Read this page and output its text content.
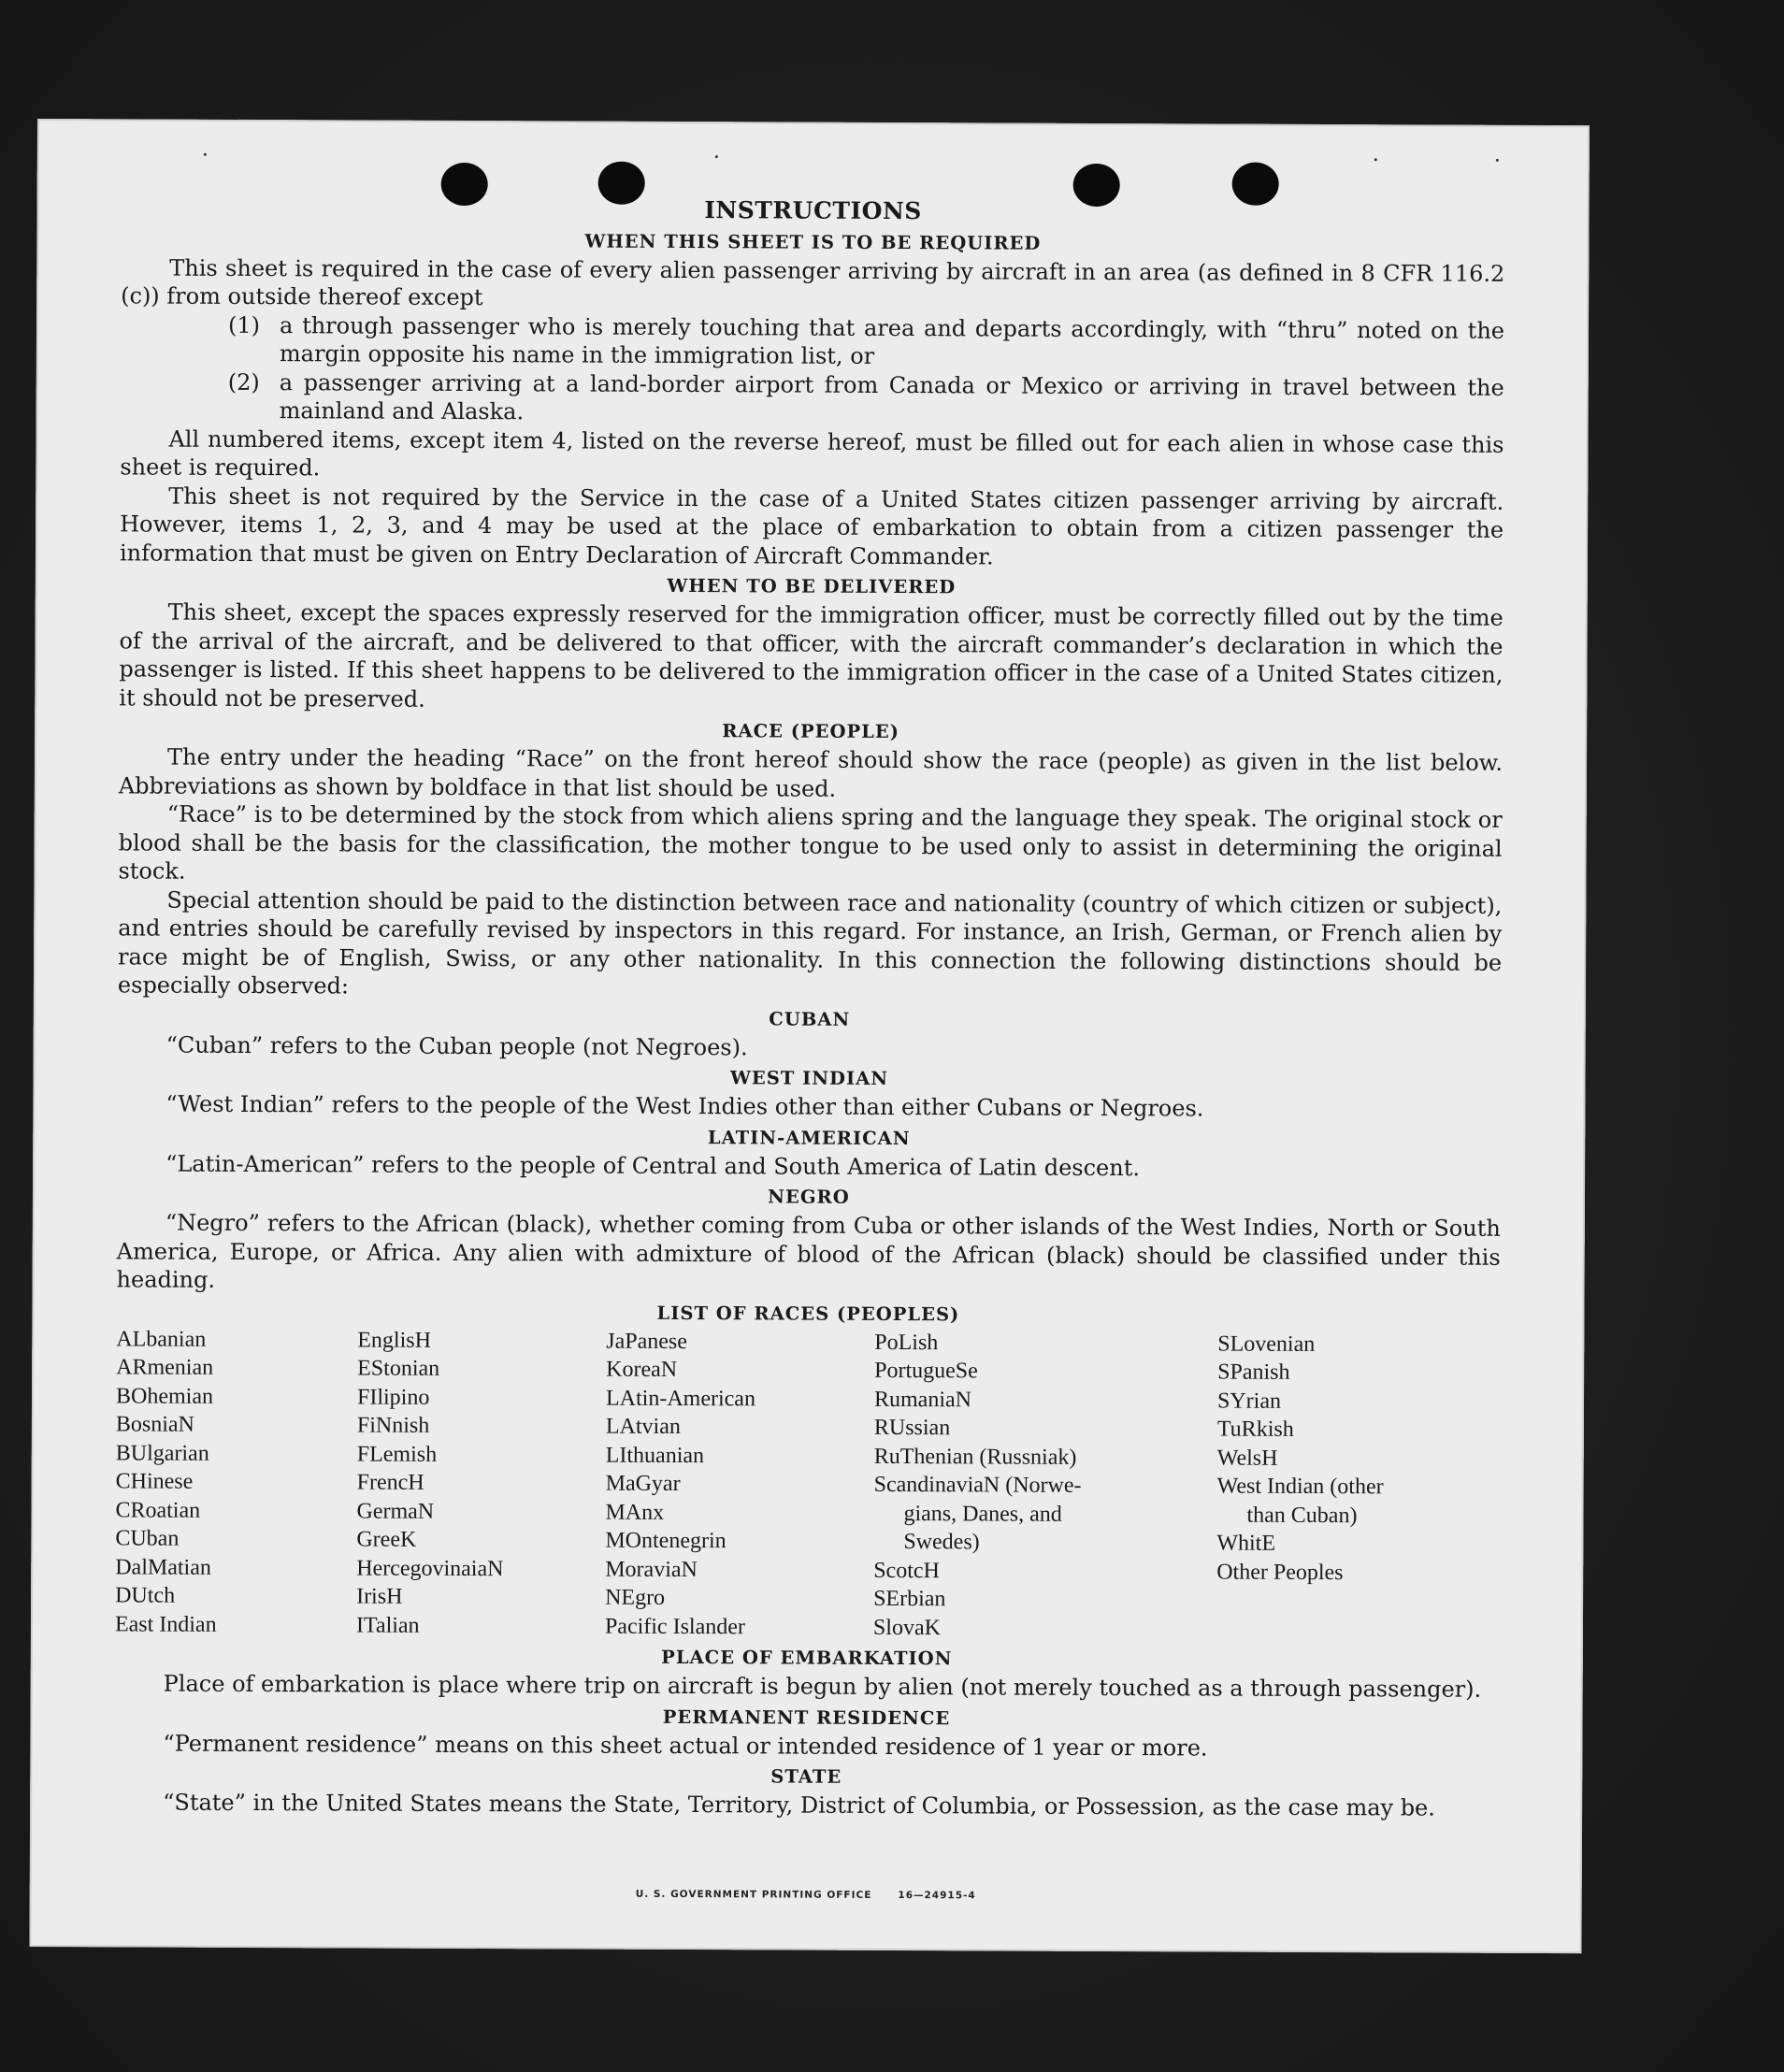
INSTRUCTIONS
WHEN THIS SHEET IS TO BE REQUIRED

This sheet is required in the case of every alien passenger arriving by aircraft in an area (as defined in 8 CFR 116.2 (c)) from outside thereof except

(1) a through passenger who is merely touching that area and departs accordingly, with “thru” noted on the margin opposite his name in the immigration list, or
(2) a passenger arriving at a land-border airport from Canada or Mexico or arriving in travel between the mainland and Alaska.

All numbered items, except item 4, listed on the reverse hereof, must be filled out for each alien in whose case this sheet is required.

This sheet is not required by the Service in the case of a United States citizen passenger arriving by aircraft. However, items 1, 2, 3, and 4 may be used at the place of embarkation to obtain from a citizen passenger the information that must be given on Entry Declaration of Aircraft Commander.

WHEN TO BE DELIVERED

This sheet, except the spaces expressly reserved for the immigration officer, must be correctly filled out by the time of the arrival of the aircraft, and be delivered to that officer, with the aircraft commander’s declaration in which the passenger is listed. If this sheet happens to be delivered to the immigration officer in the case of a United States citizen, it should not be preserved.

RACE (PEOPLE)

The entry under the heading “Race” on the front hereof should show the race (people) as given in the list below. Abbreviations as shown by boldface in that list should be used.

“Race” is to be determined by the stock from which aliens spring and the language they speak. The original stock or blood shall be the basis for the classification, the mother tongue to be used only to assist in determining the original stock.

Special attention should be paid to the distinction between race and nationality (country of which citizen or subject), and entries should be carefully revised by inspectors in this regard. For instance, an Irish, German, or French alien by race might be of English, Swiss, or any other nationality. In this connection the following distinctions should be especially observed:

CUBAN

“Cuban” refers to the Cuban people (not Negroes).

WEST INDIAN

“West Indian” refers to the people of the West Indies other than either Cubans or Negroes.

LATIN-AMERICAN

“Latin-American” refers to the people of Central and South America of Latin descent.

NEGRO

“Negro” refers to the African (black), whether coming from Cuba or other islands of the West Indies, North or South America, Europe, or Africa. Any alien with admixture of blood of the African (black) should be classified under this heading.

LIST OF RACES (PEOPLES)
ALbanian
ARmenian
BOhemian
BosniaN
BUlgarian
CHinese
CRoatian
CUban
DalMatian
DUtch
East Indian
EnglisH
EStonian
FIlipino
FiNnish
FLemish
FrencH
GermaN
GreeK
HercegovinaiaN
IrisH
ITalian
JaPanese
KoreaN
LAtin-American
LAtvian
LIthuanian
MaGyar
MAnx
MOntenegrin
MoraviaN
NEgro
Pacific Islander
PoLish
PortugueSe
RumaniaN
RUssian
RuThenian (Russniak)
ScandinaviaN (Norwe-
gians, Danes, and
Swedes)
ScotcH
SErbian
SlovaK
SLovenian
SPanish
SYrian
TuRkish
WelsH
West Indian (other
than Cuban)
WhitE
Other Peoples
PLACE OF EMBARKATION

Place of embarkation is place where trip on aircraft is begun by alien (not merely touched as a through passenger).

PERMANENT RESIDENCE

“Permanent residence” means on this sheet actual or intended residence of 1 year or more.

STATE

“State” in the United States means the State, Territory, District of Columbia, or Possession, as the case may be.

U. S. GOVERNMENT PRINTING OFFICE	16—24915-4
